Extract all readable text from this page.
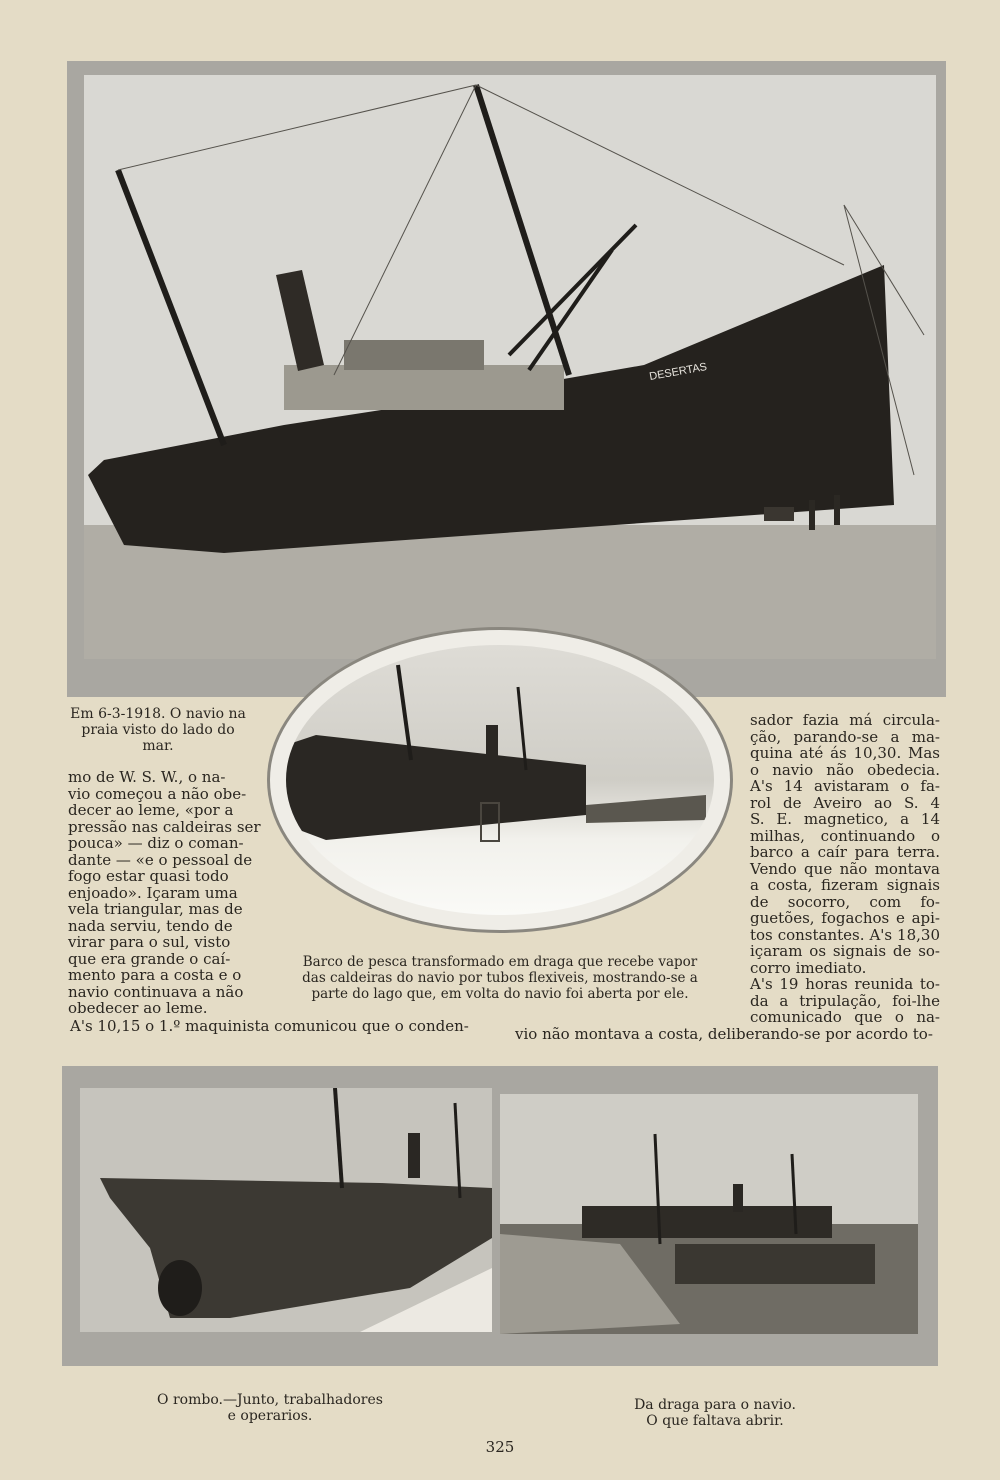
DESERTAS
Em 6-3-1918. O navio na
praia visto do lado do
mar.
mo de W. S. W., o na-
vio começou a não obe-
decer ao leme, «por a
pressão nas caldeiras ser
pouca» — diz o coman-
dante — «e o pessoal de
fogo estar quasi todo
enjoado». Içaram uma
vela triangular, mas de
nada serviu, tendo de
virar para o sul, visto
que era grande o caí-
mento para a costa e o
navio continuava a não
obedecer ao leme.
sador fazia má circula-
ção, parando-se a ma-
quina até ás 10,30. Mas
o navio não obedecia.
A's 14 avistaram o fa-
rol de Aveiro ao S. 4
S. E. magnetico, a 14
milhas, continuando o
barco a caír para terra.
Vendo que não montava
a costa, fizeram signais
de socorro, com fo-
guetões, fogachos e api-
tos constantes. A's 18,30
içaram os signais de so-
corro imediato.
A's 19 horas reunida to-
da a tripulação, foi-lhe
comunicado que o na-
Barco de pesca transformado em draga que recebe vapor
das caldeiras do navio por tubos flexiveis, mostrando-se a
parte do lago que, em volta do navio foi aberta por ele.
A's 10,15 o 1.º maquinista comunicou que o conden-	vio não montava a costa, deliberando-se por acordo to-
O rombo.—Junto, trabalhadores
e operarios.
Da draga para o navio.
O que faltava abrir.
325
